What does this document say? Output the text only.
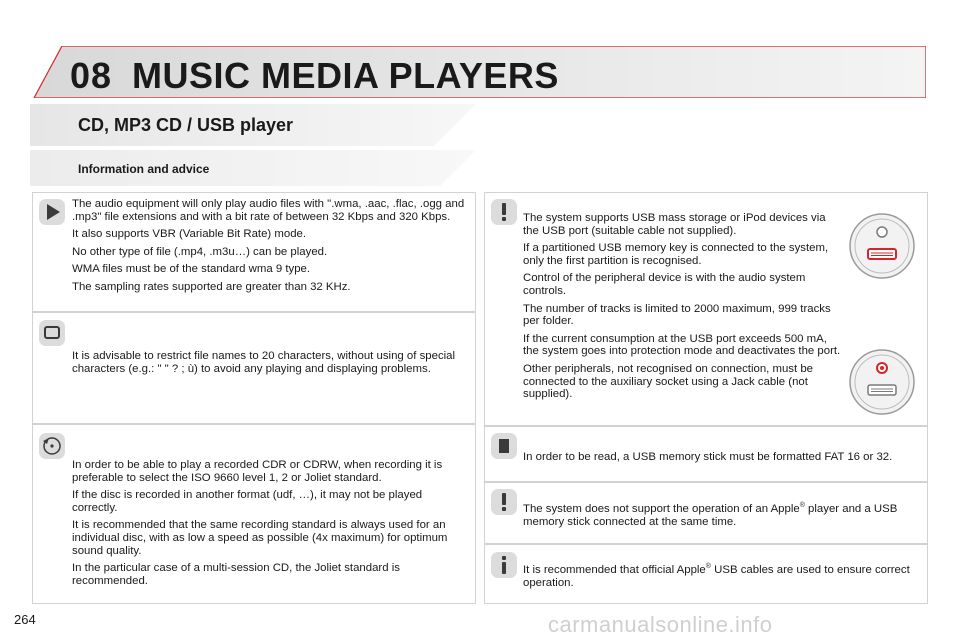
08 MUSIC MEDIA PLAYERS
CD, MP3 CD / USB player
Information and advice

The audio equipment will only play audio files with ".wma, .aac, .flac, .ogg and .mp3" file extensions and with a bit rate of between 32 Kbps and 320 Kbps.

It also supports VBR (Variable Bit Rate) mode.

No other type of file (.mp4, .m3u…) can be played.

WMA files must be of the standard wma 9 type.

The sampling rates supported are greater than 32 KHz.

It is advisable to restrict file names to 20 characters, without using of special characters (e.g.: " " ? ; ù) to avoid any playing and displaying problems.

In order to be able to play a recorded CDR or CDRW, when recording it is preferable to select the ISO 9660 level 1, 2 or Joliet standard.

If the disc is recorded in another format (udf, …), it may not be played correctly.

It is recommended that the same recording standard is always used for an individual disc, with as low a speed as possible (4x maximum) for optimum sound quality.

In the particular case of a multi-session CD, the Joliet standard is recommended.

The system supports USB mass storage or iPod devices via the USB port (suitable cable not supplied).

If a partitioned USB memory key is connected to the system, only the first partition is recognised.

Control of the peripheral device is with the audio system controls.

The number of tracks is limited to 2000 maximum, 999 tracks per folder.

If the current consumption at the USB port exceeds 500 mA, the system goes into protection mode and deactivates the port.

Other peripherals, not recognised on connection, must be connected to the auxiliary socket using a Jack cable (not supplied).

In order to be read, a USB memory stick must be formatted FAT 16 or 32.

The system does not support the operation of an Apple® player and a USB memory stick connected at the same time.

It is recommended that official Apple® USB cables are used to ensure correct operation.

264	carmanualsonline.info
